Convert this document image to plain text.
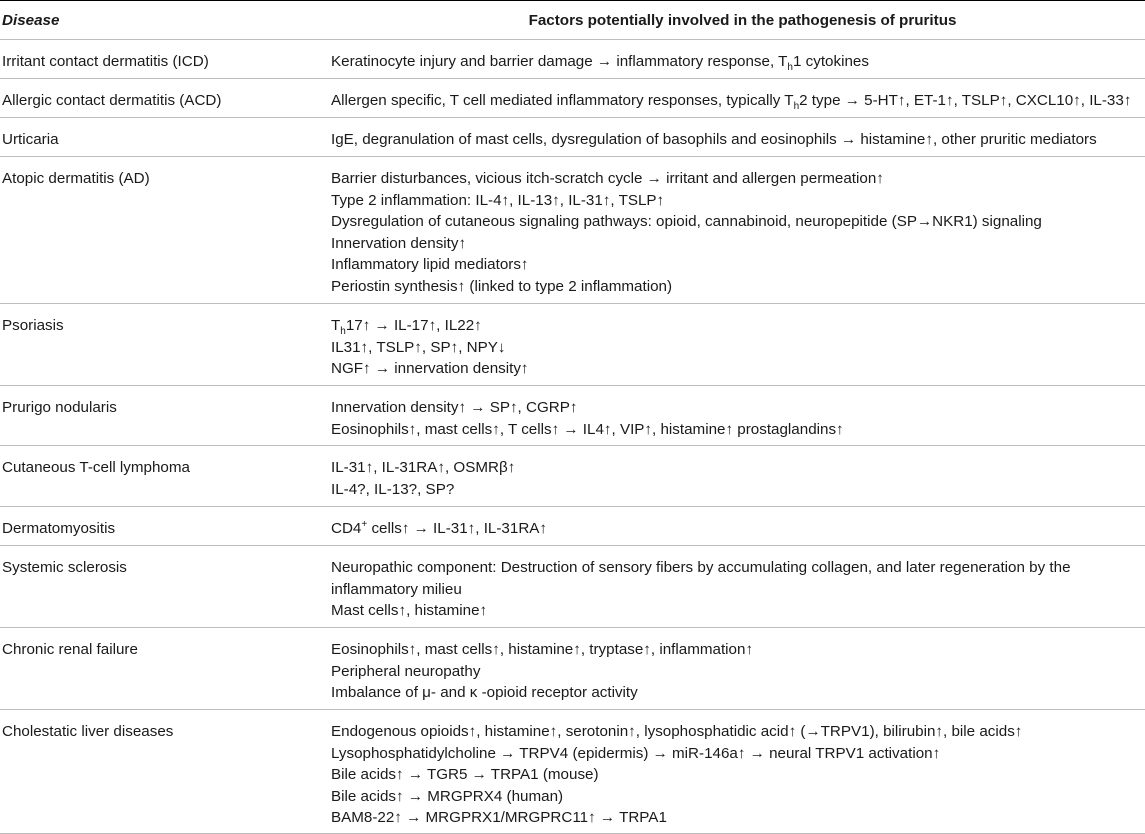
Disease	Factors potentially involved in the pathogenesis of pruritus
Irritant contact dermatitis (ICD)	Keratinocyte injury and barrier damage → inflammatory response, $T_h1$ cytokines
Allergic contact dermatitis (ACD)	Allergen specific, T cell mediated inflammatory responses, typically $T_h2$ type → 5-HT↑, ET-1↑, TSLP↑, CXCL10↑, IL-33↑
Urticaria	IgE, degranulation of mast cells, dysregulation of basophils and eosinophils → histamine↑, other pruritic mediators
Atopic dermatitis (AD)	Barrier disturbances, vicious itch-scratch cycle → irritant and allergen permeation↑
Type 2 inflammation: IL-4↑, IL-13↑, IL-31↑, TSLP↑
Dysregulation of cutaneous signaling pathways: opioid, cannabinoid, neuropepitide (SP→NKR1) signaling
Innervation density↑
Inflammatory lipid mediators↑
Periostin synthesis↑ (linked to type 2 inflammation)
Psoriasis	$T_h17↑$ → IL-17↑, IL22↑
IL31↑, TSLP↑, SP↑, NPY↓
NGF↑ → innervation density↑
Prurigo nodularis	Innervation density↑ → SP↑, CGRP↑
Eosinophils↑, mast cells↑, T cells↑ → IL4↑, VIP↑, histamine↑ prostaglandins↑
Cutaneous T-cell lymphoma	IL-31↑, IL-31RA↑, OSMRβ↑
IL-4?, IL-13?, SP?
Dermatomyositis	CD4+ cells↑ → IL-31↑, IL-31RA↑
Systemic sclerosis	Neuropathic component: Destruction of sensory fibers by accumulating collagen, and later regeneration by the inflammatory milieu
Mast cells↑, histamine↑
Chronic renal failure	Eosinophils↑, mast cells↑, histamine↑, tryptase↑, inflammation↑
Peripheral neuropathy
Imbalance of μ- and κ -opioid receptor activity
Cholestatic liver diseases	Endogenous opioids↑, histamine↑, serotonin↑, lysophosphatidic acid↑ (→TRPV1), bilirubin↑, bile acids↑
Lysophosphatidylcholine → TRPV4 (epidermis) → miR-146a↑ → neural TRPV1 activation↑
Bile acids↑ → TGR5 → TRPA1 (mouse)
Bile acids↑ → MRGPRX4 (human)
BAM8-22↑ → MRGPRX1/MRGPRC11↑ → TRPA1
